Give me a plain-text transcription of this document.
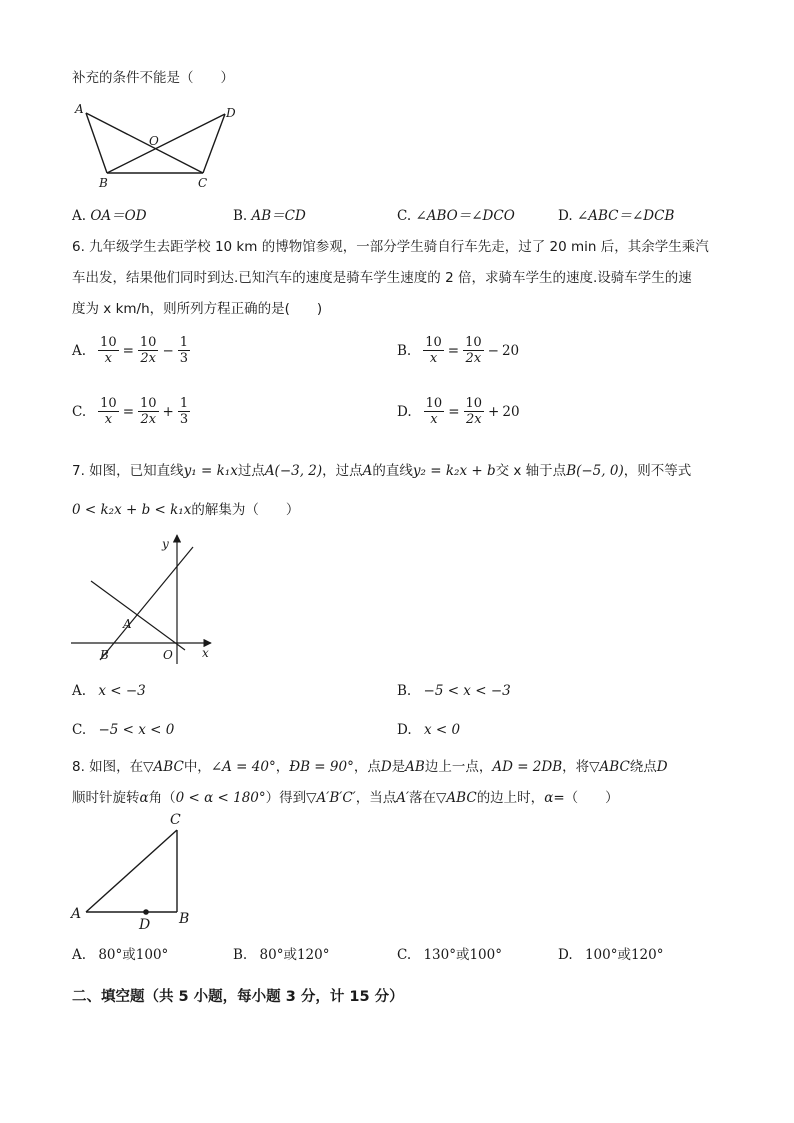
补充的条件不能是（　　）
A	D
O
B	C
A. OA＝OD	B. AB＝CD	C. ∠ABO＝∠DCO	D. ∠ABC＝∠DCB
6. 九年级学生去距学校 10 km 的博物馆参观，一部分学生骑自行车先走，过了 20 min 后，其余学生乘汽
车出发，结果他们同时到达.已知汽车的速度是骑车学生速度的 2 倍，求骑车学生的速度.设骑车学生的速
度为 x km/h，则所列方程正确的是(　　)
A. $\frac{10}{x} = \frac{10}{2x} - \frac{1}{3}$	B. $\frac{10}{x} = \frac{10}{2x} - 20$
C. $\frac{10}{x} = \frac{10}{2x} + \frac{1}{3}$	D. $\frac{10}{x} = \frac{10}{2x} + 20$
7. 如图，已知直线y₁ = k₁x过点A(−3, 2)，过点A的直线y₂ = k₂x + b交 x 轴于点B(−5, 0)，则不等式
0 < k₂x + b < k₁x的解集为（　　）
y
x
A
B	O
A. x < −3	B. −5 < x < −3
C. −5 < x < 0	D. x < 0
8. 如图，在▽ABC中，∠A = 40°，ÐB = 90°，点D是AB边上一点，AD = 2DB，将▽ABC绕点D
顺时针旋转α角（0 < α < 180°）得到▽A′B′C′，当点A′落在▽ABC的边上时，α=（　　）
C
A	B
D
A. 80°或100°	B. 80°或120°	C. 130°或100°	D. 100°或120°
二、填空题（共 5 小题，每小题 3 分，计 15 分）
